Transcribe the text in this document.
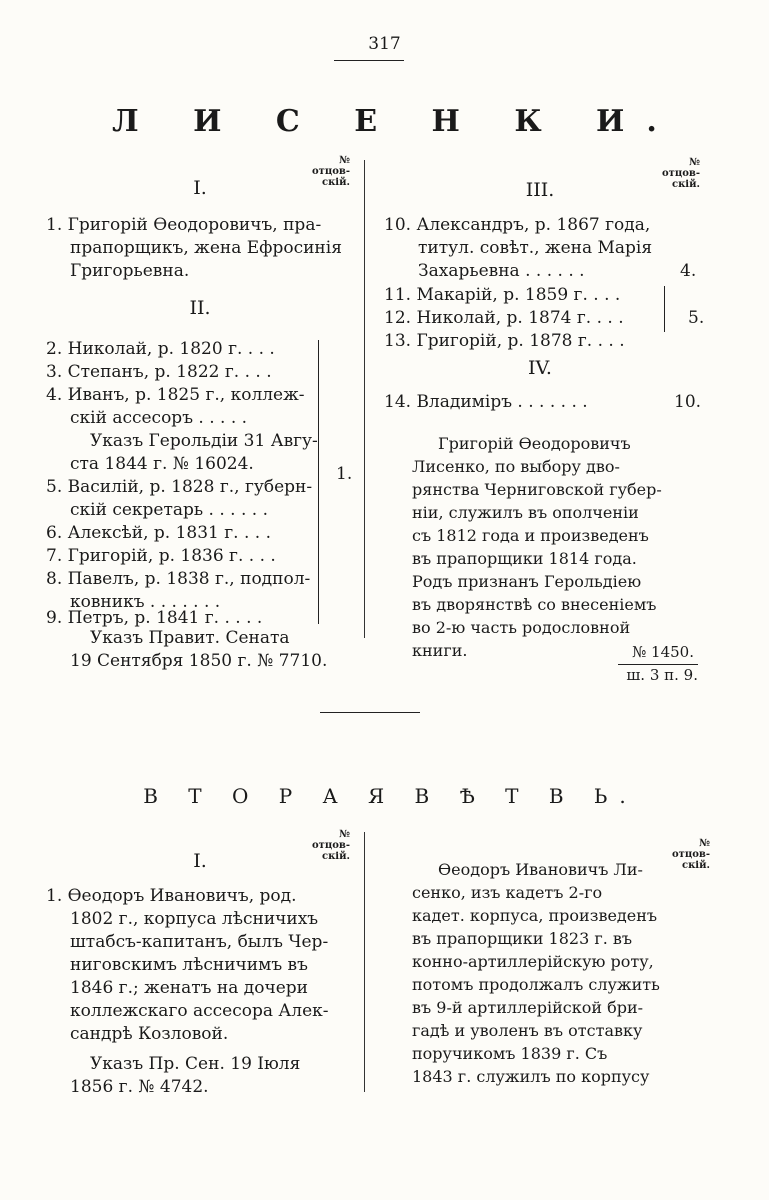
317
Л И С Е Н К И.
№ отцов-
скій.
№ отцов-
скій.
I.
1. Григорій Ѳеодоровичъ, пра-
прапорщикъ, жена Ефросинія
Григорьевна.
II.
2. Николай, р. 1820 г. . . .
3. Степанъ, р. 1822 г. . . .
4. Иванъ, р. 1825 г., коллеж-
скій ассесоръ . . . . .
Указъ Герольдіи 31 Авгу-
ста 1844 г. № 16024.
5. Василій, р. 1828 г., губерн-
скій секретарь . . . . . .
6. Алексѣй, р. 1831 г. . . .
7. Григорій, р. 1836 г. . . .
8. Павелъ, р. 1838 г., подпол-
ковникъ . . . . . . .
9. Петръ, р. 1841 г. . . . .
1.
Указъ Правит. Сената
19 Сентября 1850 г. № 7710.
III.
10. Александръ, р. 1867 года,
титул. совѣт., жена Марія
Захарьевна . . . . . .	4.
11. Макарій, р. 1859 г. . . .
12. Николай, р. 1874 г. . . .
13. Григорій, р. 1878 г. . . .
5.
IV.
14. Владиміръ . . . . . . .	10.

Григорій Ѳеодоровичъ

Лисенко, по выбору дво-

рянства Черниговской губер-

ніи, служилъ въ ополченіи

съ 1812 года и произведенъ

въ прапорщики 1814 года.

Родъ признанъ Герольдіею

въ дворянствѣ со внесеніемъ

во 2-ю часть родословной

книги.	№ 1450.
ш. 3 п. 9.
В Т О Р А Я В Ѣ Т В Ь.
№ отцов-
скій.
№ отцов-
скій.
I.
1. Ѳеодоръ Ивановичъ, род.
1802 г., корпуса лѣсничихъ
штабсъ-капитанъ, былъ Чер-
ниговскимъ лѣсничимъ въ
1846 г.; женатъ на дочери
коллежскаго ассесора Алек-
сандрѣ Козловой.
Указъ Пр. Сен. 19 Іюля
1856 г. № 4742.

Ѳеодоръ Ивановичъ Ли-

сенко, изъ кадетъ 2-го

кадет. корпуса, произведенъ

въ прапорщики 1823 г. въ

конно-артиллерійскую роту,

потомъ продолжалъ служить

въ 9-й артиллерійской бри-

гадѣ и уволенъ въ отставку

поручикомъ 1839 г. Съ

1843 г. служилъ по корпусу
